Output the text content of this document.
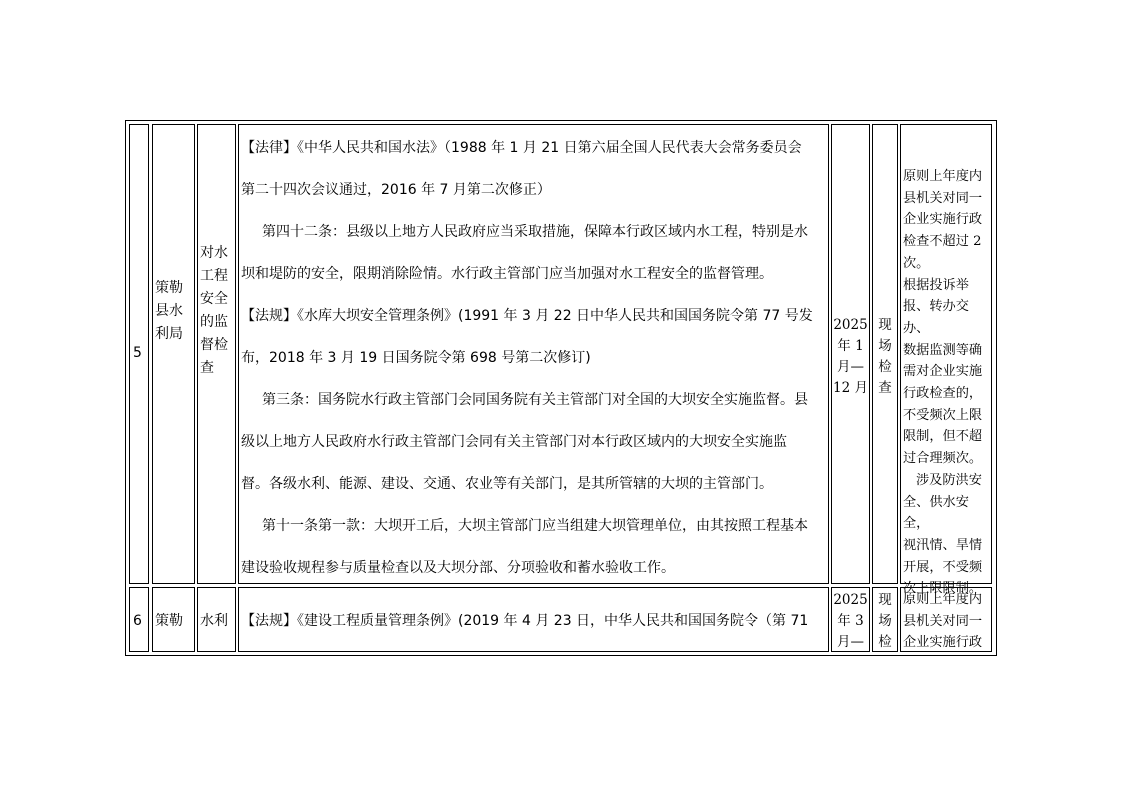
5
策勒
县水
利局
对水
工程
安全
的监
督检
查

【法律】《中华人民共和国水法》（1988 年 1 月 21 日第六届全国人民代表大会常务委员会

第二十四次会议通过，2016 年 7 月第二次修正）

第四十二条：县级以上地方人民政府应当采取措施，保障本行政区域内水工程，特别是水

坝和堤防的安全，限期消除险情。水行政主管部门应当加强对水工程安全的监督管理。

【法规】《水库大坝安全管理条例》(1991 年 3 月 22 日中华人民共和国国务院令第 77 号发

布，2018 年 3 月 19 日国务院令第 698 号第二次修订)

第三条：国务院水行政主管部门会同国务院有关主管部门对全国的大坝安全实施监督。县

级以上地方人民政府水行政主管部门会同有关主管部门对本行政区域内的大坝安全实施监

督。各级水利、能源、建设、交通、农业等有关部门，是其所管辖的大坝的主管部门。

第十一条第一款：大坝开工后，大坝主管部门应当组建大坝管理单位，由其按照工程基本

建设验收规程参与质量检查以及大坝分部、分项验收和蓄水验收工作。

2025
年 1
月—
12 月
现
场
检
查
原则上年度内
县机关对同一
企业实施行政
检查不超过 2
次。
根据投诉举
报、转办交办、
数据监测等确
需对企业实施
行政检查的，
不受频次上限
限制，但不超
过合理频次。
涉及防洪安
全、供水安全，
视汛情、旱情
开展，不受频
次上限限制。
6 策勒 水利 【法规】《建设工程质量管理条例》(2019 年 4 月 23 日，中华人民共和国国务院令（第 71

2025
年 3
月—
现
场
检
原则上年度内
县机关对同一
企业实施行政
